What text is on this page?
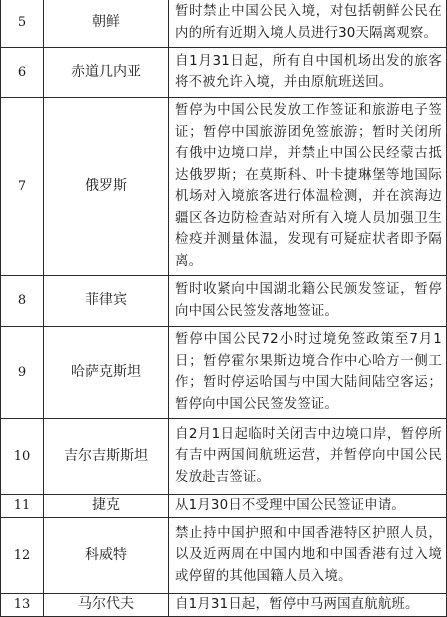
5	朝鲜	暂时禁止中国公民入境，对包括朝鲜公民在内的所有近期入境人员进行30天隔离观察。
6	赤道几内亚	自1月31日起，所有自中国机场出发的旅客将不被允许入境，并由原航班送回。
7	俄罗斯	暂停为中国公民发放工作签证和旅游电子签证；暂停中国旅游团免签旅游；暂时关闭所有俄中边境口岸，并禁止中国公民经蒙古抵达俄罗斯；在莫斯科、叶卡捷琳堡等地国际机场对入境旅客进行体温检测，并在滨海边疆区各边防检查站对所有入境人员加强卫生检疫并测量体温，发现有可疑症状者即予隔离。
8	菲律宾	暂时收紧向中国湖北籍公民颁发签证，暂停向中国公民签发落地签证。
9	哈萨克斯坦	暂停中国公民72小时过境免签政策至7月1日；暂停霍尔果斯边境合作中心哈方一侧工作；暂时停运哈国与中国大陆间陆空客运；暂停向中国公民签发签证。
10	吉尔吉斯斯坦	自2月1日起临时关闭吉中边境口岸，暂停所有吉中两国间航班运营，并暂停向中国公民发放赴吉签证。
11	捷克	从1月30日不受理中国公民签证申请。
12	科威特	禁止持中国护照和中国香港特区护照人员，以及近两周在中国内地和中国香港有过入境或停留的其他国籍人员入境。
13	马尔代夫	自1月31日起，暂停中马两国直航航班。
